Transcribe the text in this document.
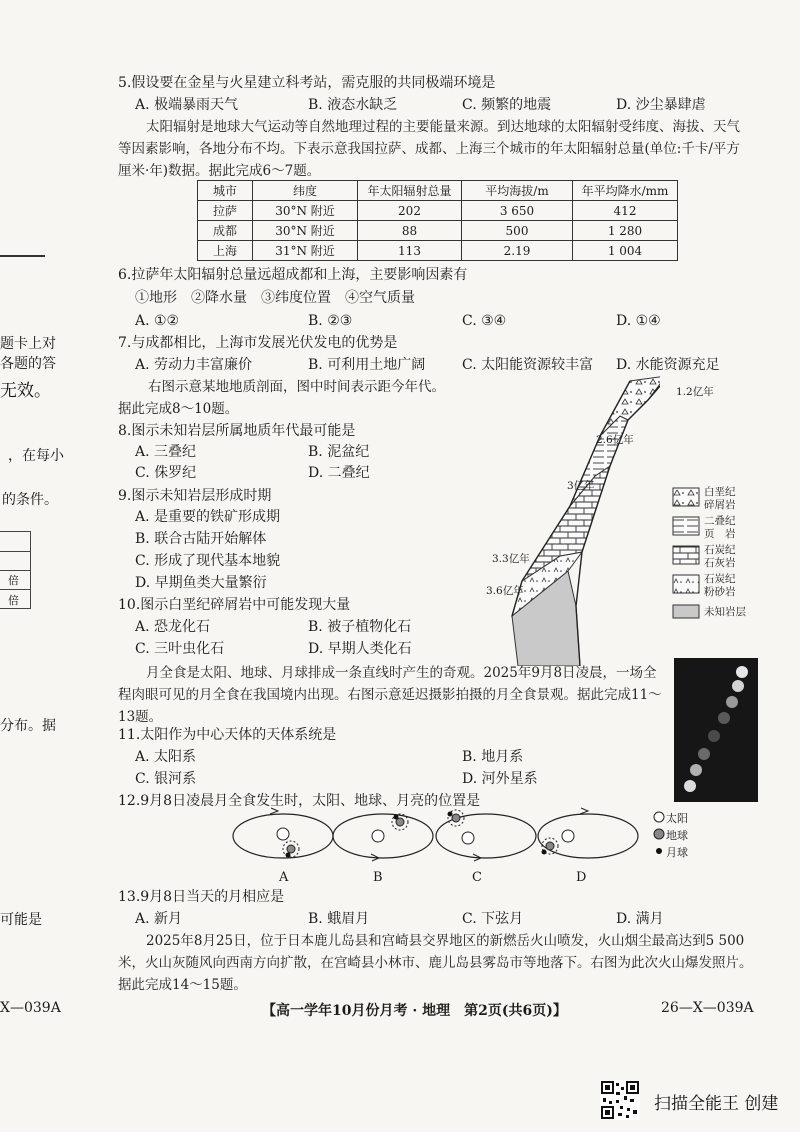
题卡上对
各题的答
无效。
，在每小
的条件。
倍
倍
分布。据
可能是
5.假设要在金星与火星建立科考站，需克服的共同极端环境是
A. 极端暴雨天气	B. 液态水缺乏	C. 频繁的地震	D. 沙尘暴肆虐
太阳辐射是地球大气运动等自然地理过程的主要能量来源。到达地球的太阳辐射受纬度、海拔、天气等因素影响，各地分布不均。下表示意我国拉萨、成都、上海三个城市的年太阳辐射总量(单位:千卡/平方厘米·年)数据。据此完成6～7题。
城市	纬度	年太阳辐射总量	平均海拔/m	年平均降水/mm
拉萨	30°N 附近	202	3 650	412
成都	30°N 附近	88	500	1 280
上海	31°N 附近	113	2.19	1 004
6.拉萨年太阳辐射总量远超成都和上海，主要影响因素有
①地形　②降水量　③纬度位置　④空气质量
A. ①②	B. ②③	C. ③④	D. ①④
7.与成都相比，上海市发展光伏发电的优势是
A. 劳动力丰富廉价	B. 可利用土地广阔	C. 太阳能资源较丰富 D. 水能资源充足
右图示意某地地质剖面，图中时间表示距今年代。
据此完成8～10题。
8.图示未知岩层所属地质年代最可能是
A. 三叠纪	B. 泥盆纪
C. 侏罗纪	D. 二叠纪
9.图示未知岩层形成时期
A. 是重要的铁矿形成期
B. 联合古陆开始解体
C. 形成了现代基本地貌
D. 早期鱼类大量繁衍
10.图示白垩纪碎屑岩中可能发现大量
A. 恐龙化石	B. 被子植物化石
C. 三叶虫化石	D. 早期人类化石
1.2亿年
2.6亿年
3亿年
3.3亿年
3.6亿年
白垩纪
碎屑岩
二叠纪
页　岩
石炭纪
石灰岩
石炭纪
粉砂岩
未知岩层
月全食是太阳、地球、月球排成一条直线时产生的奇观。2025年9月8日凌晨，一场全程肉眼可见的月全食在我国境内出现。右图示意延迟摄影拍摄的月全食景观。据此完成11～13题。
11.太阳作为中心天体的天体系统是
A. 太阳系	B. 地月系
C. 银河系	D. 河外星系
12.9月8日凌晨月全食发生时，太阳、地球、月亮的位置是
A	B	C	D
太阳
地球
月球
13.9月8日当天的月相应是
A. 新月	B. 蛾眉月	C. 下弦月	D. 满月
2025年8月25日，位于日本鹿儿岛县和宫崎县交界地区的新燃岳火山喷发，火山烟尘最高达到5 500米，火山灰随风向西南方向扩散，在宫崎县小林市、鹿儿岛县雾岛市等地落下。右图为此次火山爆发照片。据此完成14～15题。
X—039A	【高一学年10月份月考 · 地理　第2页(共6页)】	26—X—039A
扫描全能王 创建
